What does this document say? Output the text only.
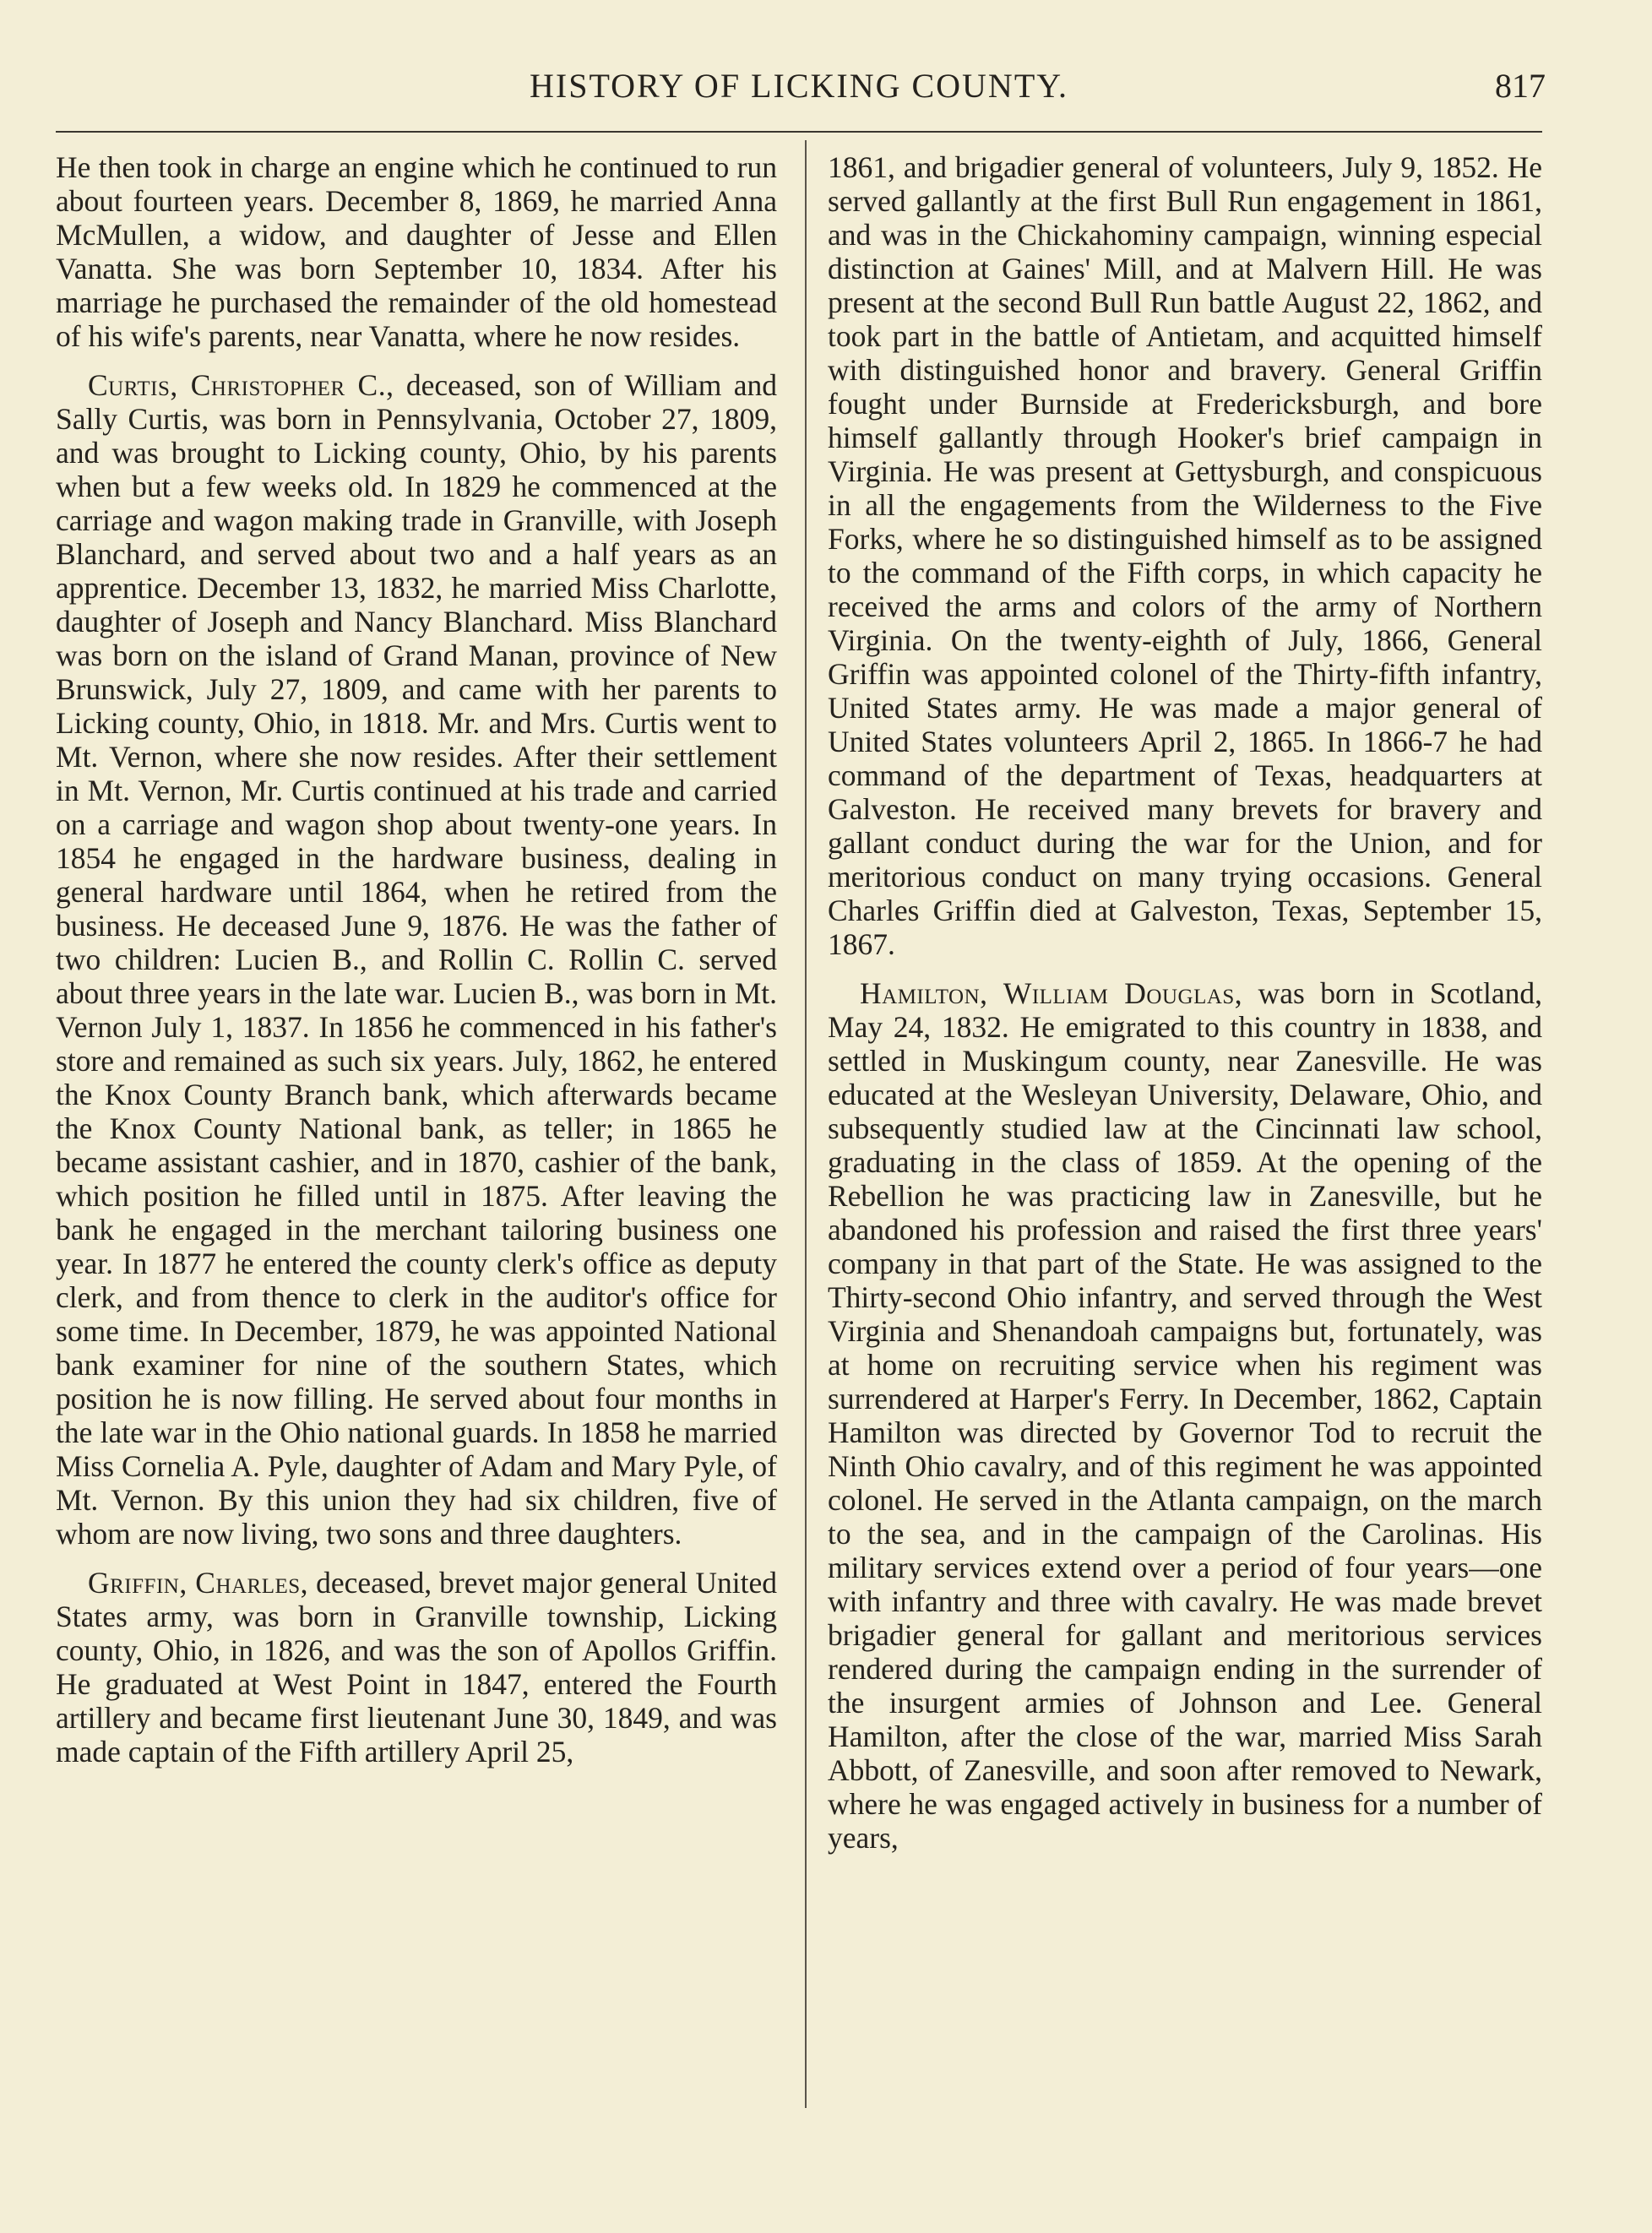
HISTORY OF LICKING COUNTY.	817

He then took in charge an engine which he continued to run about fourteen years. December 8, 1869, he married Anna McMullen, a widow, and daughter of Jesse and Ellen Vanatta. She was born September 10, 1834. After his marriage he purchased the remainder of the old homestead of his wife's parents, near Vanatta, where he now resides.

Curtis, Christopher C., deceased, son of William and Sally Curtis, was born in Pennsylvania, October 27, 1809, and was brought to Licking county, Ohio, by his parents when but a few weeks old. In 1829 he commenced at the carriage and wagon making trade in Granville, with Joseph Blanchard, and served about two and a half years as an apprentice. December 13, 1832, he married Miss Charlotte, daughter of Joseph and Nancy Blanchard. Miss Blanchard was born on the island of Grand Manan, province of New Brunswick, July 27, 1809, and came with her parents to Licking county, Ohio, in 1818. Mr. and Mrs. Curtis went to Mt. Vernon, where she now resides. After their settlement in Mt. Vernon, Mr. Curtis continued at his trade and carried on a carriage and wagon shop about twenty-one years. In 1854 he engaged in the hardware business, dealing in general hardware until 1864, when he retired from the business. He deceased June 9, 1876. He was the father of two children: Lucien B., and Rollin C. Rollin C. served about three years in the late war. Lucien B., was born in Mt. Vernon July 1, 1837. In 1856 he commenced in his father's store and remained as such six years. July, 1862, he entered the Knox County Branch bank, which afterwards became the Knox County National bank, as teller; in 1865 he became assistant cashier, and in 1870, cashier of the bank, which position he filled until in 1875. After leaving the bank he engaged in the merchant tailoring business one year. In 1877 he entered the county clerk's office as deputy clerk, and from thence to clerk in the auditor's office for some time. In December, 1879, he was appointed National bank examiner for nine of the southern States, which position he is now filling. He served about four months in the late war in the Ohio national guards. In 1858 he married Miss Cornelia A. Pyle, daughter of Adam and Mary Pyle, of Mt. Vernon. By this union they had six children, five of whom are now living, two sons and three daughters.

Griffin, Charles, deceased, brevet major general United States army, was born in Granville township, Licking county, Ohio, in 1826, and was the son of Apollos Griffin. He graduated at West Point in 1847, entered the Fourth artillery and became first lieutenant June 30, 1849, and was made captain of the Fifth artillery April 25,

1861, and brigadier general of volunteers, July 9, 1852. He served gallantly at the first Bull Run engagement in 1861, and was in the Chickahominy campaign, winning especial distinction at Gaines' Mill, and at Malvern Hill. He was present at the second Bull Run battle August 22, 1862, and took part in the battle of Antietam, and acquitted himself with distinguished honor and bravery. General Griffin fought under Burnside at Fredericksburgh, and bore himself gallantly through Hooker's brief campaign in Virginia. He was present at Gettysburgh, and conspicuous in all the engagements from the Wilderness to the Five Forks, where he so distinguished himself as to be assigned to the command of the Fifth corps, in which capacity he received the arms and colors of the army of Northern Virginia. On the twenty-eighth of July, 1866, General Griffin was appointed colonel of the Thirty-fifth infantry, United States army. He was made a major general of United States volunteers April 2, 1865. In 1866-7 he had command of the department of Texas, headquarters at Galveston. He received many brevets for bravery and gallant conduct during the war for the Union, and for meritorious conduct on many trying occasions. General Charles Griffin died at Galveston, Texas, September 15, 1867.

Hamilton, William Douglas, was born in Scotland, May 24, 1832. He emigrated to this country in 1838, and settled in Muskingum county, near Zanesville. He was educated at the Wesleyan University, Delaware, Ohio, and subsequently studied law at the Cincinnati law school, graduating in the class of 1859. At the opening of the Rebellion he was practicing law in Zanesville, but he abandoned his profession and raised the first three years' company in that part of the State. He was assigned to the Thirty-second Ohio infantry, and served through the West Virginia and Shenandoah campaigns but, fortunately, was at home on recruiting service when his regiment was surrendered at Harper's Ferry. In December, 1862, Captain Hamilton was directed by Governor Tod to recruit the Ninth Ohio cavalry, and of this regiment he was appointed colonel. He served in the Atlanta campaign, on the march to the sea, and in the campaign of the Carolinas. His military services extend over a period of four years—one with infantry and three with cavalry. He was made brevet brigadier general for gallant and meritorious services rendered during the campaign ending in the surrender of the insurgent armies of Johnson and Lee. General Hamilton, after the close of the war, married Miss Sarah Abbott, of Zanesville, and soon after removed to Newark, where he was engaged actively in business for a number of years,
